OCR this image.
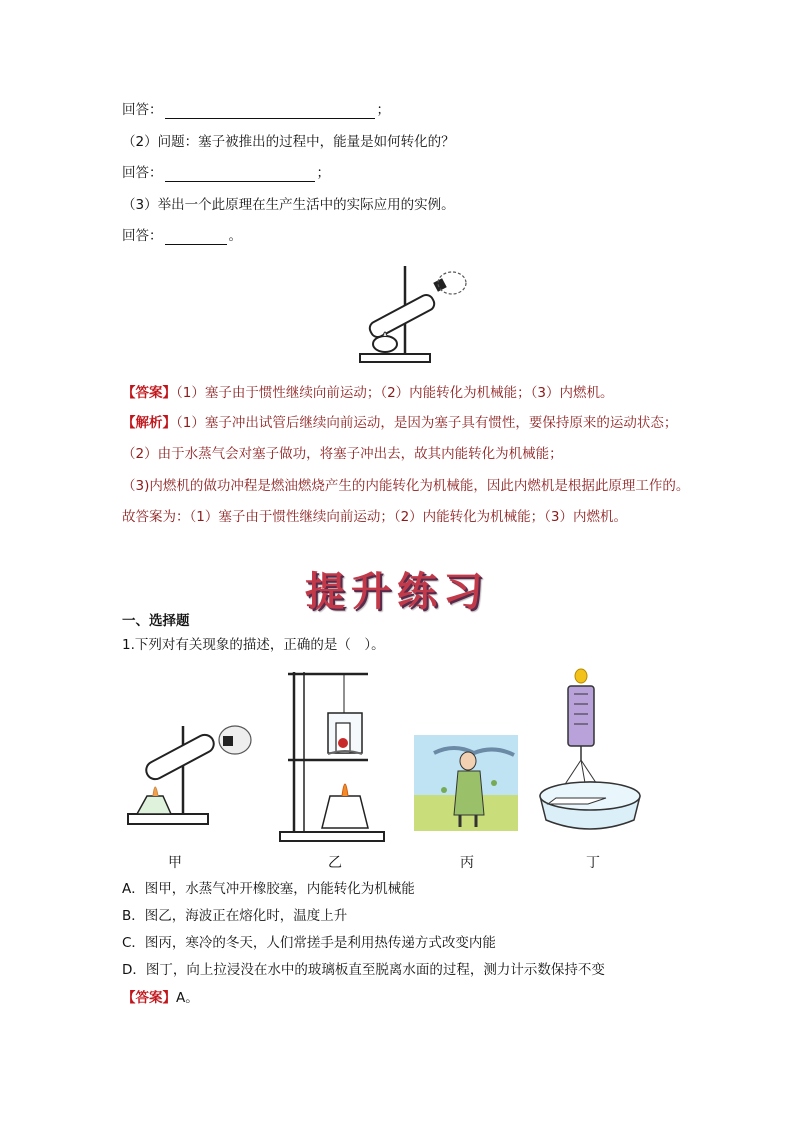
回答：	；
（2）问题：塞子被推出的过程中，能量是如何转化的？
回答：	；
（3）举出一个此原理在生产生活中的实际应用的实例。
回答：	。
【答案】（1）塞子由于惯性继续向前运动；（2）内能转化为机械能；（3）内燃机。
【解析】（1）塞子冲出试管后继续向前运动，是因为塞子具有惯性，要保持原来的运动状态；
（2）由于水蒸气会对塞子做功，将塞子冲出去，故其内能转化为机械能；
（3)内燃机的做功冲程是燃油燃烧产生的内能转化为机械能，因此内燃机是根据此原理工作的。
故答案为：（1）塞子由于惯性继续向前运动；（2）内能转化为机械能；（3）内燃机。
提升练习
一、选择题
1.下列对有关现象的描述，正确的是（　）。
甲	乙	丙	丁
A．图甲，水蒸气冲开橡胶塞，内能转化为机械能
B．图乙，海波正在熔化时，温度上升
C．图丙，寒冷的冬天，人们常搓手是利用热传递方式改变内能
D．图丁，向上拉浸没在水中的玻璃板直至脱离水面的过程，测力计示数保持不变
【答案】A。
